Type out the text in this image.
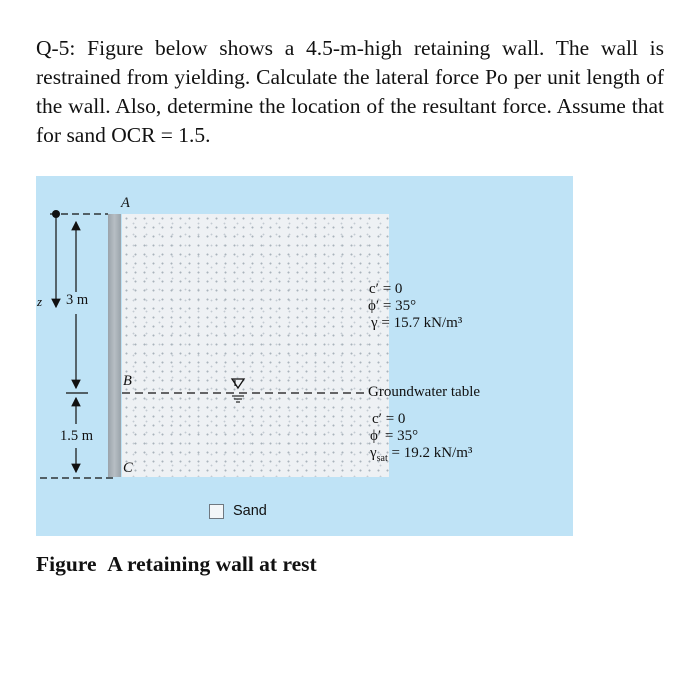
Q-5: Figure below shows a 4.5-m-high retaining wall. The wall is restrained from yielding. Calculate the lateral force Po per unit length of the wall. Also, determine the location of the resultant force. Assume that for sand OCR = 1.5.
A
B
C
z 3 m
1.5 m
c′ = 0
ϕ′ = 35°
γ = 15.7 kN/m³
Groundwater table
c′ = 0
ϕ′ = 35°
$\gamma_{sat} = 19.2$ kN/m³
Sand
Figure A retaining wall at rest
